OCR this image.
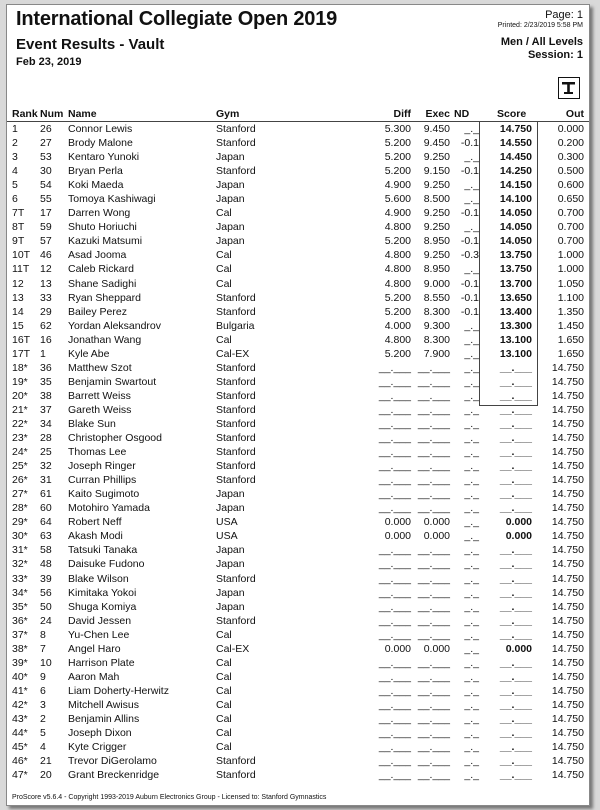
International Collegiate Open 2019
Event Results - Vault
Feb 23, 2019
Page: 1
Printed: 2/23/2019 5:58 PM
Men / All Levels
Session: 1
Rank Num Name	Gym	Diff Exec ND	Score	Out
1 26 Connor Lewis	Stanford	5.300 9.450 _._ 14.750 0.000
2 27 Brody Malone	Stanford	5.200 9.450 -0.1 14.550 0.200
3 53 Kentaro Yunoki	Japan	5.200 9.250 _._ 14.450 0.300
4 30 Bryan Perla	Stanford	5.200 9.150 -0.1 14.250 0.500
5 54 Koki Maeda	Japan	4.900 9.250 _._ 14.150 0.600
6 55 Tomoya Kashiwagi	Japan	5.600 8.500 _._ 14.100 0.650
7T 17 Darren Wong	Cal	4.900 9.250 -0.1 14.050 0.700
8T 59 Shuto Horiuchi	Japan	4.800 9.250 _._ 14.050 0.700
9T 57 Kazuki Matsumi	Japan	5.200 8.950 -0.1 14.050 0.700
10T 46 Asad Jooma	Cal	4.800 9.250 -0.3 13.750 1.000
11T 12 Caleb Rickard	Cal	4.800 8.950 _._ 13.750 1.000
12 13 Shane Sadighi	Cal	4.800 9.000 -0.1 13.700 1.050
13 33 Ryan Sheppard	Stanford	5.200 8.550 -0.1 13.650 1.100
14 29 Bailey Perez	Stanford	5.200 8.300 -0.1 13.400 1.350
15 62 Yordan Aleksandrov	Bulgaria	4.000 9.300 _._ 13.300 1.450
16T 16 Jonathan Wang	Cal	4.800 8.300 _._ 13.100 1.650
17T 1 Kyle Abe	Cal-EX	5.200 7.900 _._ 13.100 1.650
18* 36 Matthew Szot	Stanford	__.___ __.___ _._ __.___ 14.750
19* 35 Benjamin Swartout	Stanford	__.___ __.___ _._ __.___ 14.750
20* 38 Barrett Weiss	Stanford	__.___ __.___ _._ __.___ 14.750
21* 37 Gareth Weiss	Stanford	__.___ __.___ _._ __.___ 14.750
22* 34 Blake Sun	Stanford	__.___ __.___ _._ __.___ 14.750
23* 28 Christopher Osgood	Stanford	__.___ __.___ _._ __.___ 14.750
24* 25 Thomas Lee	Stanford	__.___ __.___ _._ __.___ 14.750
25* 32 Joseph Ringer	Stanford	__.___ __.___ _._ __.___ 14.750
26* 31 Curran Phillips	Stanford	__.___ __.___ _._ __.___ 14.750
27* 61 Kaito Sugimoto	Japan	__.___ __.___ _._ __.___ 14.750
28* 60 Motohiro Yamada	Japan	__.___ __.___ _._ __.___ 14.750
29* 64 Robert Neff	USA	0.000 0.000 _._	0.000 14.750
30* 63 Akash Modi	USA	0.000 0.000 _._	0.000 14.750
31* 58 Tatsuki Tanaka	Japan	__.___ __.___ _._ __.___ 14.750
32* 48 Daisuke Fudono	Japan	__.___ __.___ _._ __.___ 14.750
33* 39 Blake Wilson	Stanford	__.___ __.___ _._ __.___ 14.750
34* 56 Kimitaka Yokoi	Japan	__.___ __.___ _._ __.___ 14.750
35* 50 Shuga Komiya	Japan	__.___ __.___ _._ __.___ 14.750
36* 24 David Jessen	Stanford	__.___ __.___ _._ __.___ 14.750
37* 8 Yu-Chen Lee	Cal	__.___ __.___ _._ __.___ 14.750
38* 7 Angel Haro	Cal-EX	0.000 0.000 _._	0.000 14.750
39* 10 Harrison Plate	Cal	__.___ __.___ _._ __.___ 14.750
40* 9 Aaron Mah	Cal	__.___ __.___ _._ __.___ 14.750
41* 6 Liam Doherty-Herwitz	Cal	__.___ __.___ _._ __.___ 14.750
42* 3 Mitchell Awisus	Cal	__.___ __.___ _._ __.___ 14.750
43* 2 Benjamin Allins	Cal	__.___ __.___ _._ __.___ 14.750
44* 5 Joseph Dixon	Cal	__.___ __.___ _._ __.___ 14.750
45* 4 Kyte Crigger	Cal	__.___ __.___ _._ __.___ 14.750
46* 21 Trevor DiGerolamo	Stanford	__.___ __.___ _._ __.___ 14.750
47* 20 Grant Breckenridge	Stanford	__.___ __.___ _._ __.___ 14.750
ProScore v5.6.4 - Copyright 1993-2019 Auburn Electronics Group - Licensed to: Stanford Gymnastics
